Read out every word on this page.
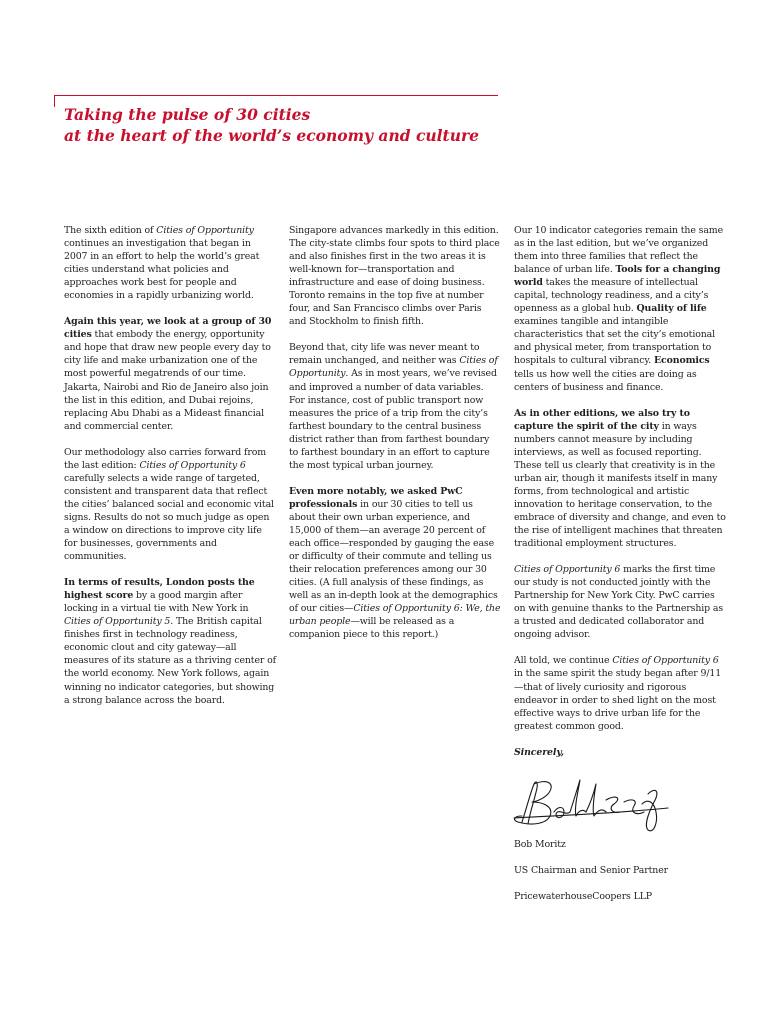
Taking the pulse of 30 cities
at the heart of the world’s economy and culture

The sixth edition of Cities of Opportunity continues an investigation that began in 2007 in an effort to help the world’s great cities understand what policies and approaches work best for people and economies in a rapidly urbanizing world.

Again this year, we look at a group of 30 cities that embody the energy, opportunity and hope that draw new people every day to city life and make urbanization one of the most powerful megatrends of our time. Jakarta, Nairobi and Rio de Janeiro also join the list in this edition, and Dubai rejoins, replacing Abu Dhabi as a Mideast financial and commercial center.

Our methodology also carries forward from the last edition: Cities of Opportunity 6 carefully selects a wide range of targeted, consistent and transparent data that reflect the cities’ balanced social and economic vital signs. Results do not so much judge as open a window on directions to improve city life for businesses, governments and communities.

In terms of results, London posts the highest score by a good margin after locking in a virtual tie with New York in Cities of Opportunity 5. The British capital finishes first in technology readiness, economic clout and city gateway—all measures of its stature as a thriving center of the world economy. New York follows, again winning no indicator categories, but showing a strong balance across the board.

Singapore advances markedly in this edition. The city-state climbs four spots to third place and also finishes first in the two areas it is well-known for—transportation and infrastructure and ease of doing business. Toronto remains in the top five at number four, and San Francisco climbs over Paris and Stockholm to finish fifth.

Beyond that, city life was never meant to remain unchanged, and neither was Cities of Opportunity. As in most years, we’ve revised and improved a number of data variables. For instance, cost of public transport now measures the price of a trip from the city’s farthest boundary to the central business district rather than from farthest boundary to farthest boundary in an effort to capture the most typical urban journey.

Even more notably, we asked PwC professionals in our 30 cities to tell us about their own urban experience, and 15,000 of them—an average 20 percent of each office—responded by gauging the ease or difficulty of their commute and telling us their relocation preferences among our 30 cities. (A full analysis of these findings, as well as an in-depth look at the demographics of our cities—Cities of Opportunity 6: We, the urban people—will be released as a companion piece to this report.)

Our 10 indicator categories remain the same as in the last edition, but we’ve organized them into three families that reflect the balance of urban life. Tools for a changing world takes the measure of intellectual capital, technology readiness, and a city’s openness as a global hub. Quality of life examines tangible and intangible characteristics that set the city’s emotional and physical meter, from transportation to hospitals to cultural vibrancy. Economics tells us how well the cities are doing as centers of business and finance.

As in other editions, we also try to capture the spirit of the city in ways numbers cannot measure by including interviews, as well as focused reporting. These tell us clearly that creativity is in the urban air, though it manifests itself in many forms, from technological and artistic innovation to heritage conservation, to the embrace of diversity and change, and even to the rise of intelligent machines that threaten traditional employment structures.

Cities of Opportunity 6 marks the first time our study is not conducted jointly with the Partnership for New York City. PwC carries on with genuine thanks to the Partnership as a trusted and dedicated collaborator and ongoing advisor.

All told, we continue Cities of Opportunity 6 in the same spirit the study began after 9/11—that of lively curiosity and rigorous endeavor in order to shed light on the most effective ways to drive urban life for the greatest common good.

Sincerely,

Bob Moritz

US Chairman and Senior Partner

PricewaterhouseCoopers LLP
